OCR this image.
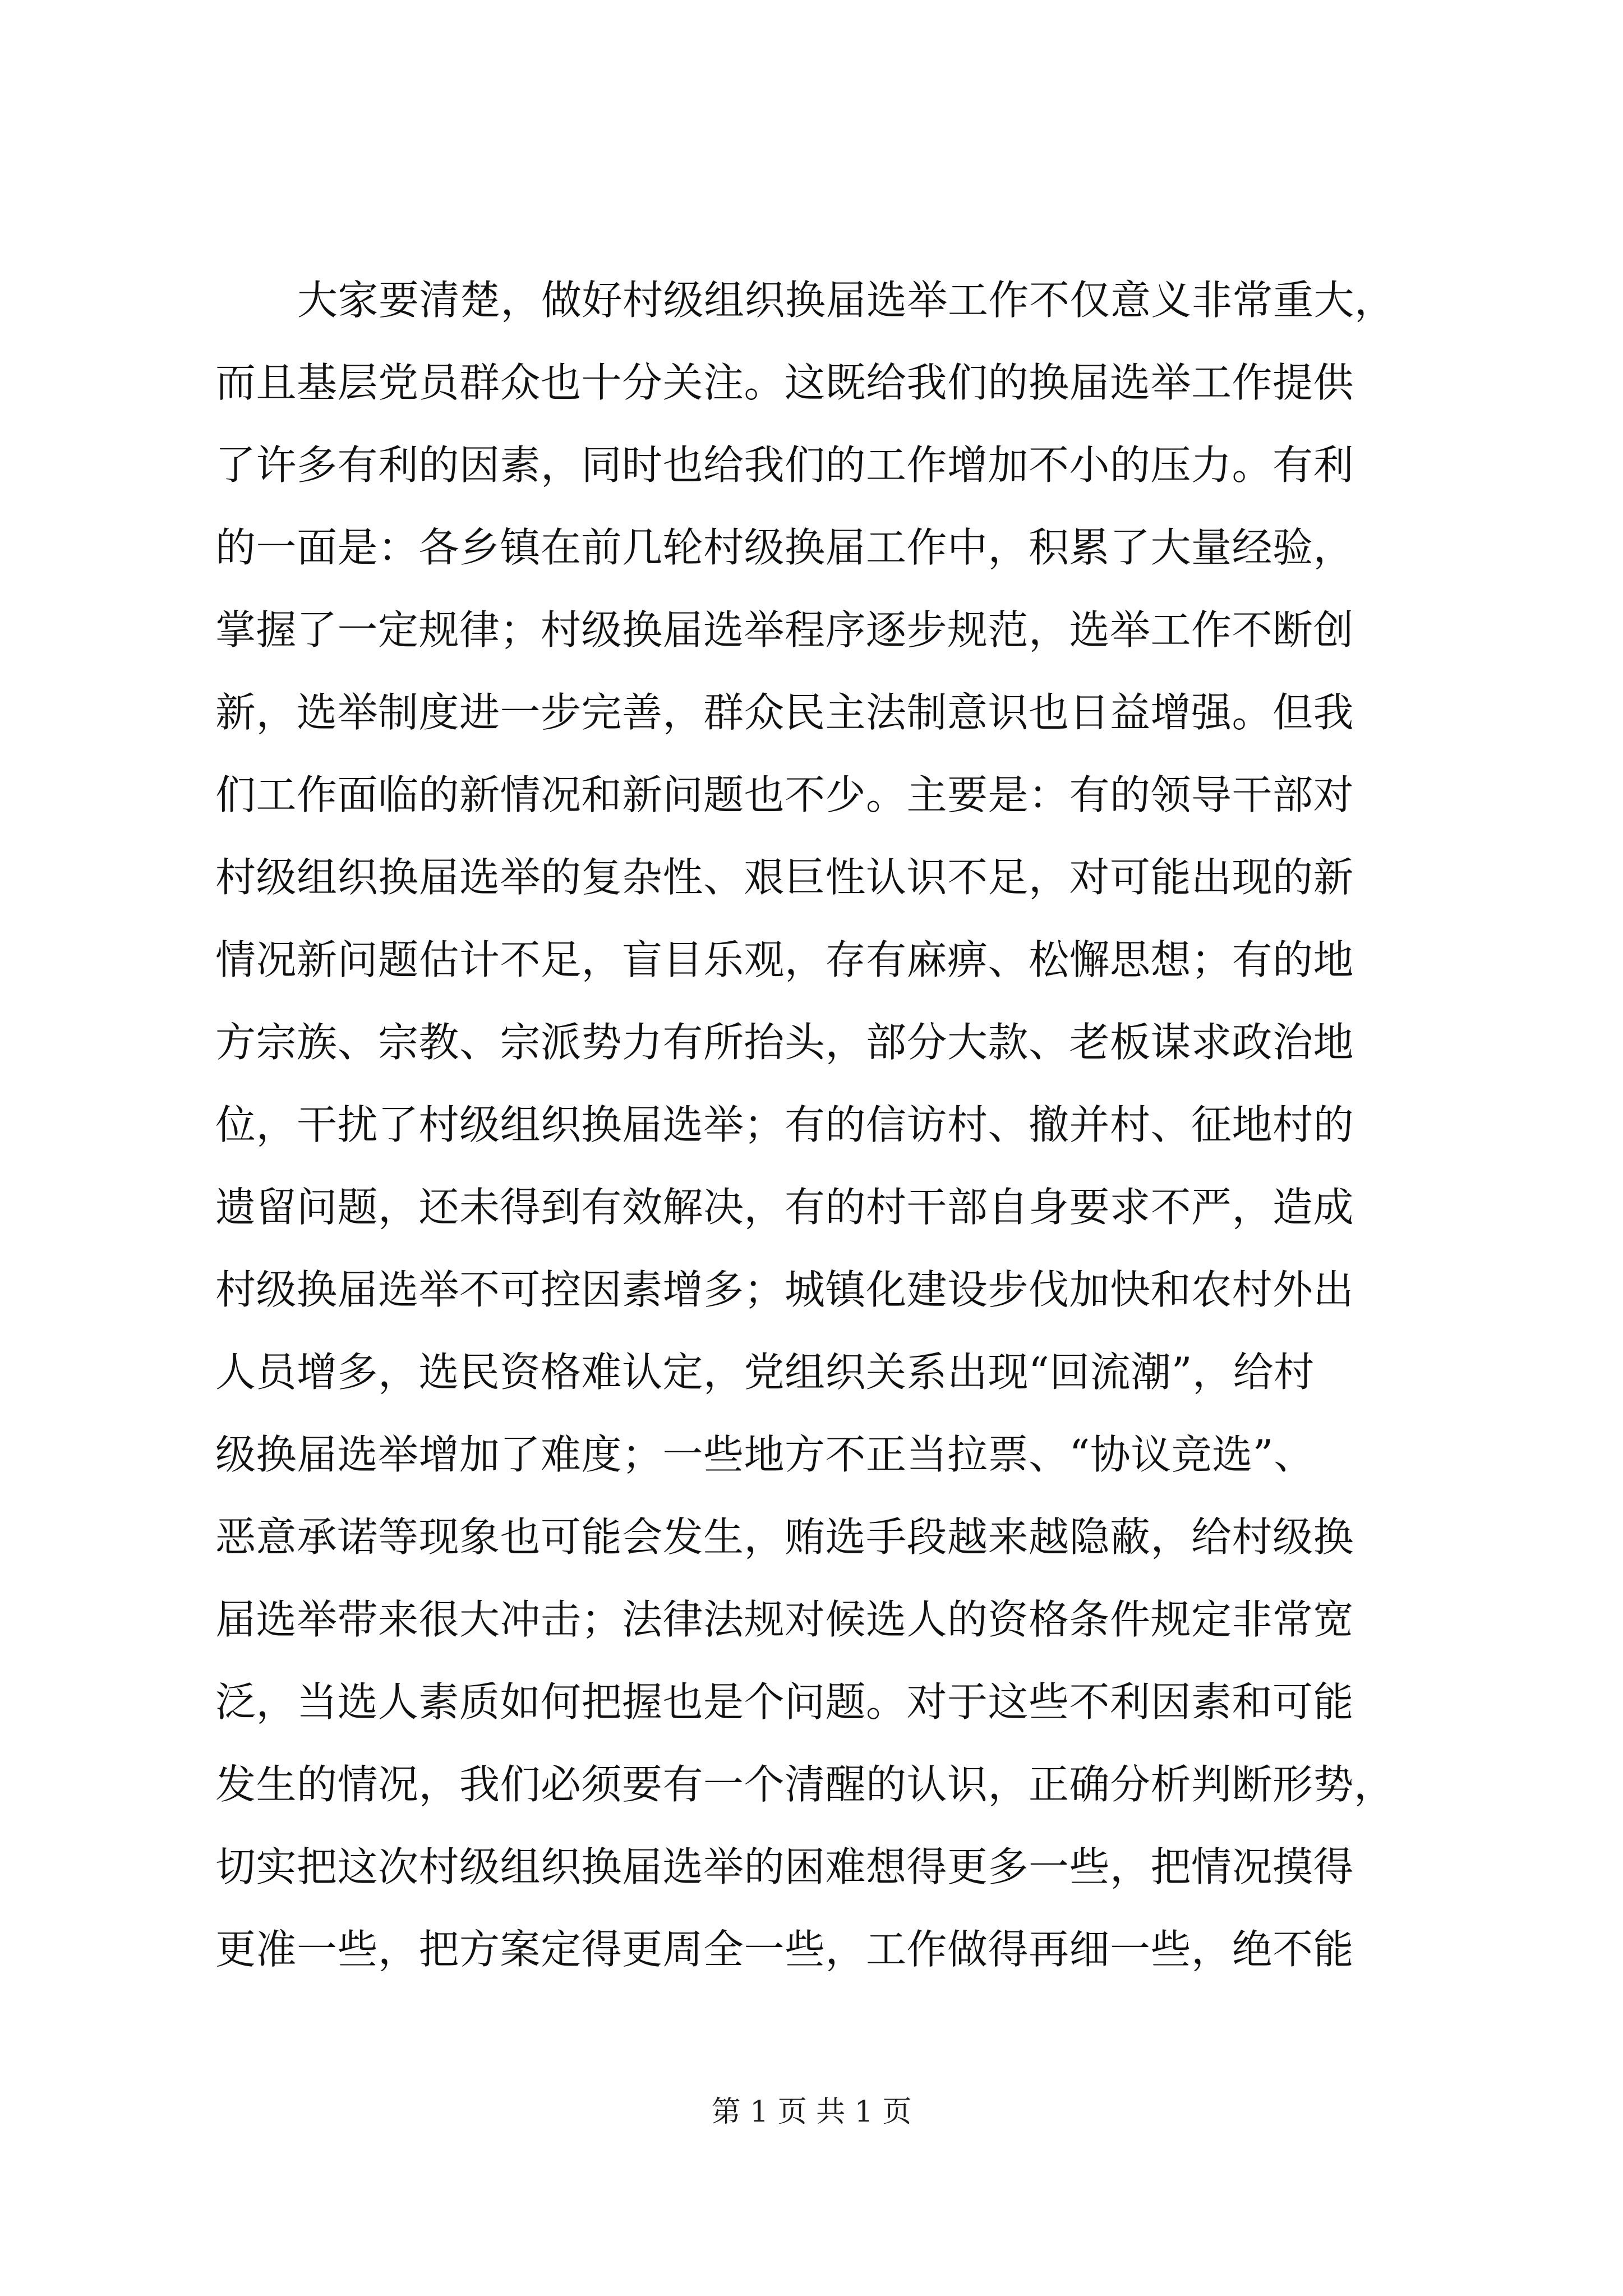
大家要清楚，做好村级组织换届选举工作不仅意义非常重大，
而且基层党员群众也十分关注。这既给我们的换届选举工作提供
了许多有利的因素，同时也给我们的工作增加不小的压力。有利
的一面是：各乡镇在前几轮村级换届工作中，积累了大量经验，
掌握了一定规律；村级换届选举程序逐步规范，选举工作不断创
新，选举制度进一步完善，群众民主法制意识也日益增强。但我
们工作面临的新情况和新问题也不少。主要是：有的领导干部对
村级组织换届选举的复杂性、艰巨性认识不足，对可能出现的新
情况新问题估计不足，盲目乐观，存有麻痹、松懈思想；有的地
方宗族、宗教、宗派势力有所抬头，部分大款、老板谋求政治地
位，干扰了村级组织换届选举；有的信访村、撤并村、征地村的
遗留问题，还未得到有效解决，有的村干部自身要求不严，造成
村级换届选举不可控因素增多；城镇化建设步伐加快和农村外出
人员增多，选民资格难认定，党组织关系出现“回流潮”，给村
级换届选举增加了难度；一些地方不正当拉票、“协议竞选”、
恶意承诺等现象也可能会发生，贿选手段越来越隐蔽，给村级换
届选举带来很大冲击；法律法规对候选人的资格条件规定非常宽
泛，当选人素质如何把握也是个问题。对于这些不利因素和可能
发生的情况，我们必须要有一个清醒的认识，正确分析判断形势，
切实把这次村级组织换届选举的困难想得更多一些，把情况摸得
更准一些，把方案定得更周全一些，工作做得再细一些，绝不能
第 1 页 共 1 页
